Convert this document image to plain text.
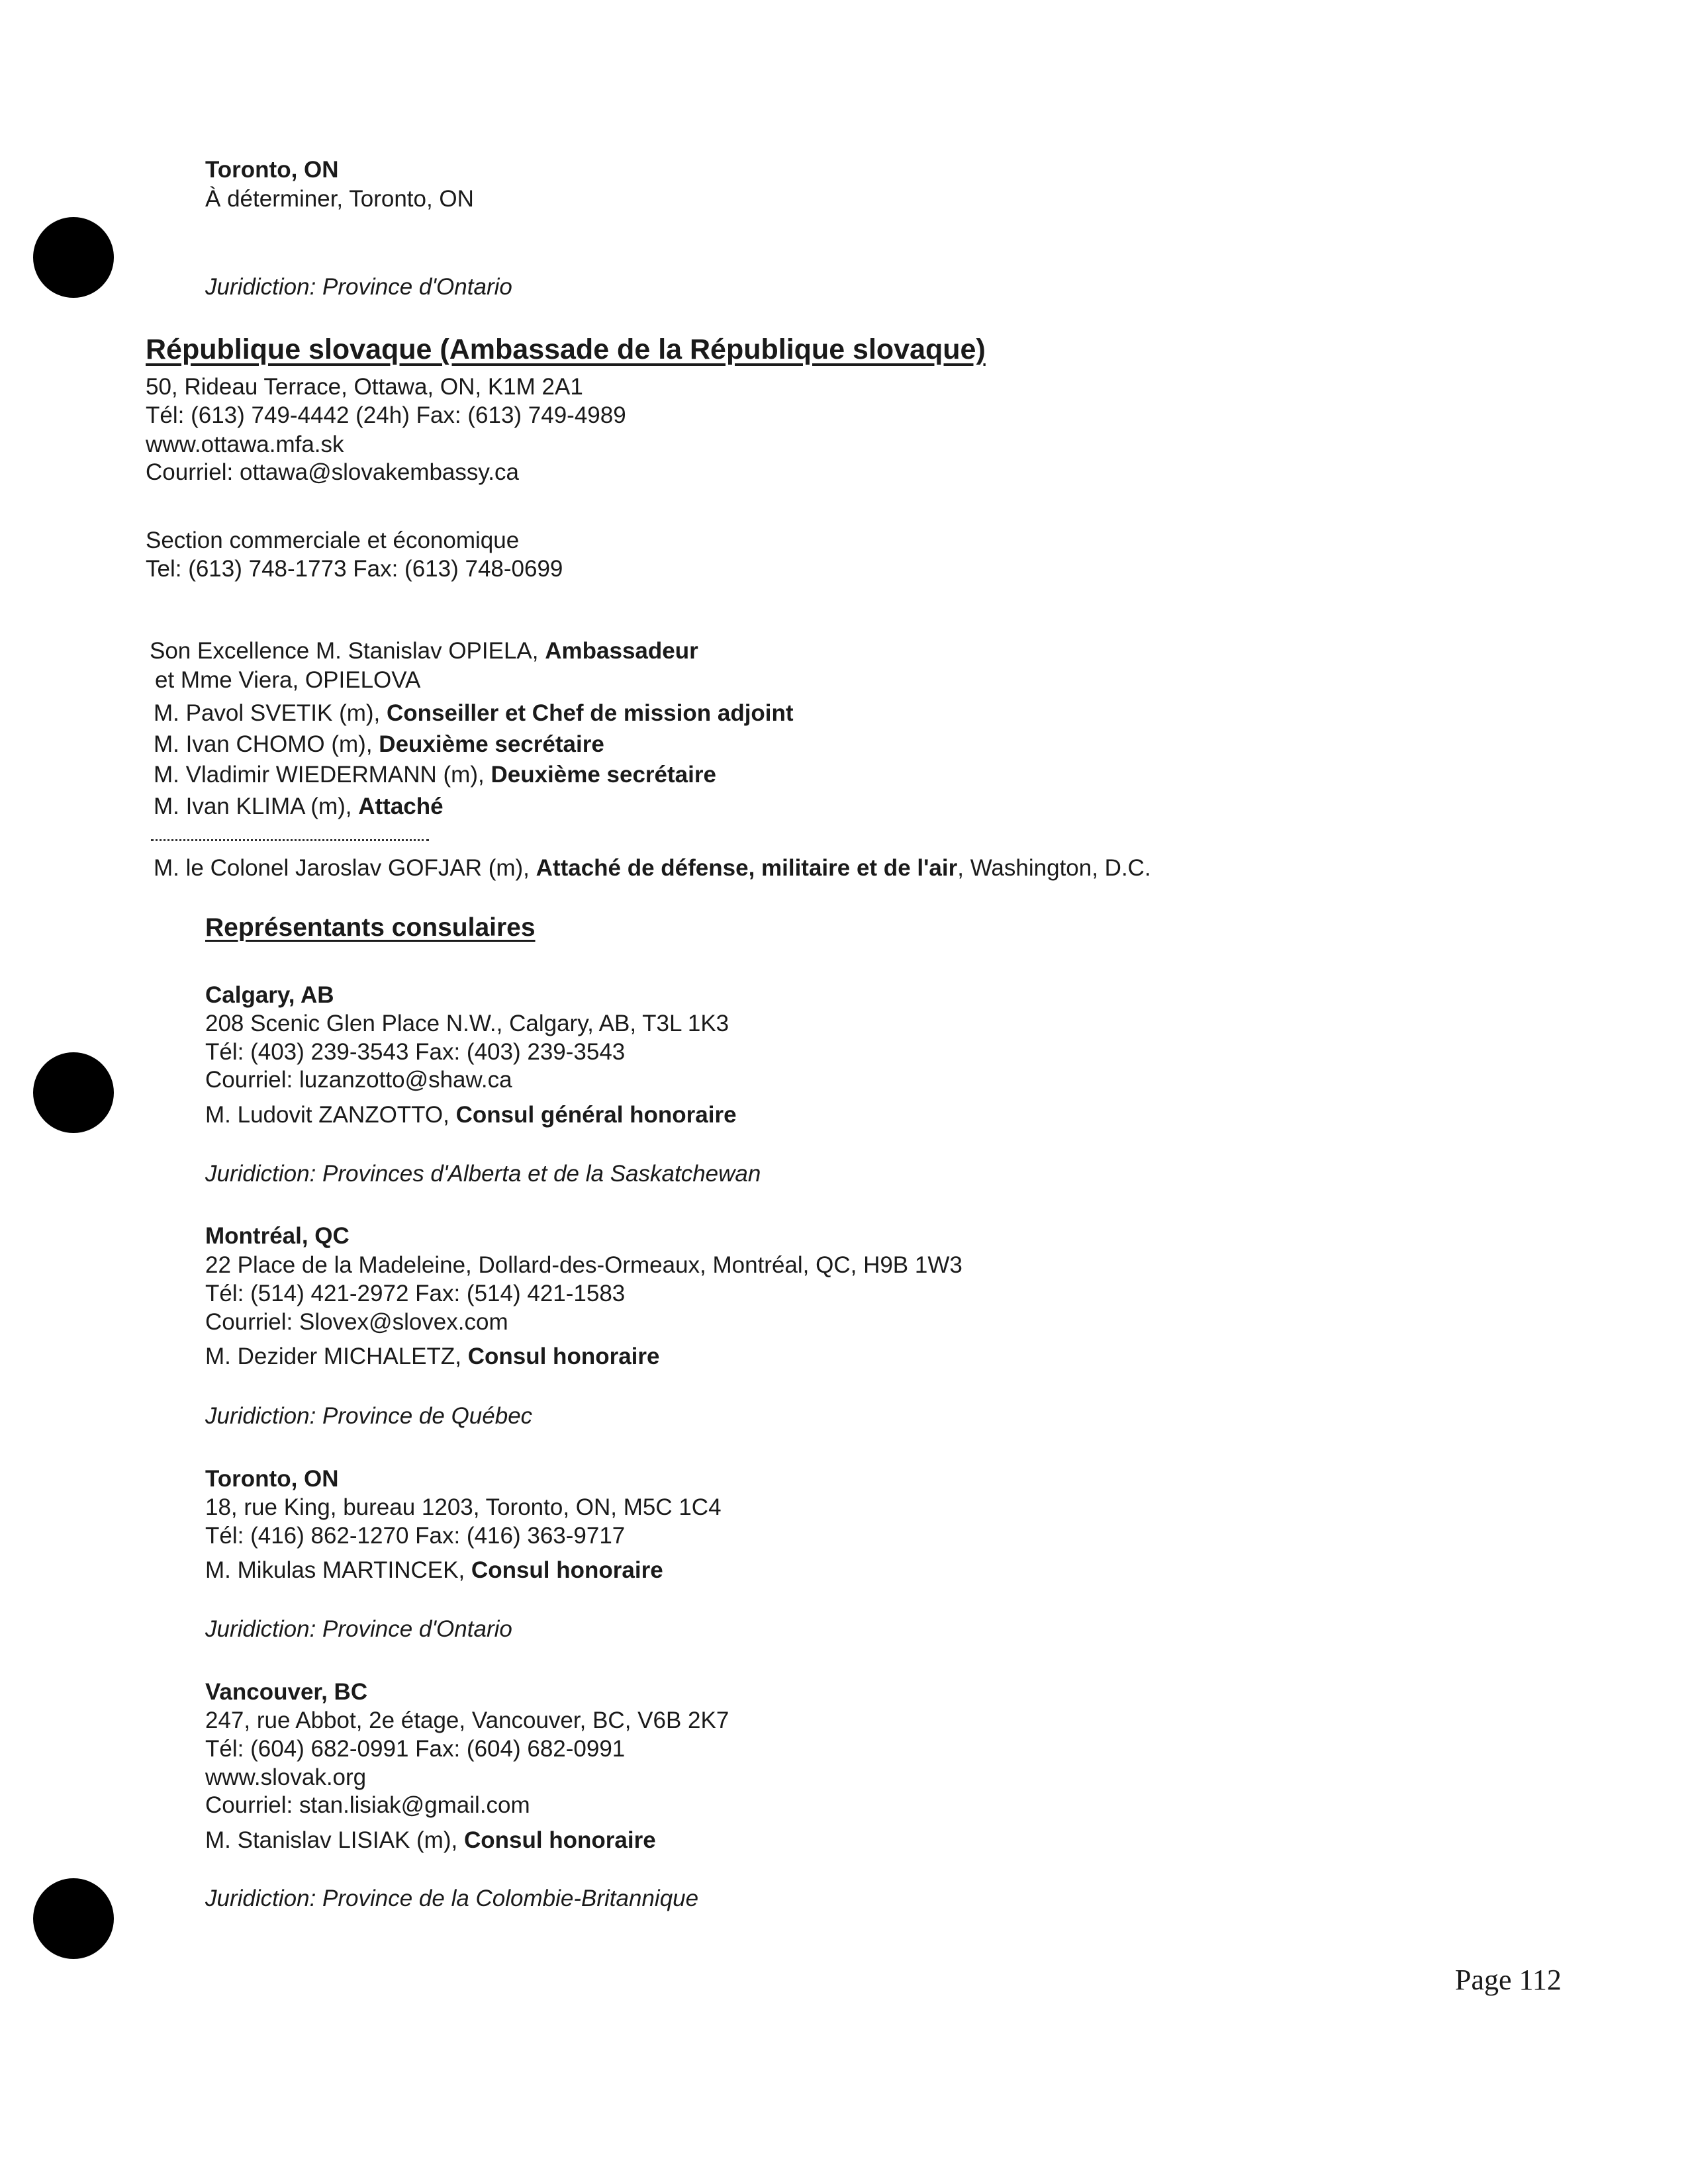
Toronto, ON
À déterminer, Toronto, ON
Juridiction: Province d'Ontario
République slovaque (Ambassade de la République slovaque)
50, Rideau Terrace, Ottawa, ON, K1M 2A1
Tél: (613) 749-4442 (24h) Fax: (613) 749-4989
www.ottawa.mfa.sk
Courriel: ottawa@slovakembassy.ca
Section commerciale et économique
Tel: (613) 748-1773 Fax: (613) 748-0699
Son Excellence M. Stanislav OPIELA, Ambassadeur
et Mme Viera, OPIELOVA
M. Pavol SVETIK (m), Conseiller et Chef de mission adjoint
M. Ivan CHOMO (m), Deuxième secrétaire
M. Vladimir WIEDERMANN (m), Deuxième secrétaire
M. Ivan KLIMA (m), Attaché
M. le Colonel Jaroslav GOFJAR (m), Attaché de défense, militaire et de l'air, Washington, D.C.
Représentants consulaires
Calgary, AB
208 Scenic Glen Place N.W., Calgary, AB, T3L 1K3
Tél: (403) 239-3543 Fax: (403) 239-3543
Courriel: luzanzotto@shaw.ca
M. Ludovit ZANZOTTO, Consul général honoraire
Juridiction: Provinces d'Alberta et de la Saskatchewan
Montréal, QC
22 Place de la Madeleine, Dollard-des-Ormeaux, Montréal, QC, H9B 1W3
Tél: (514) 421-2972 Fax: (514) 421-1583
Courriel: Slovex@slovex.com
M. Dezider MICHALETZ, Consul honoraire
Juridiction: Province de Québec
Toronto, ON
18, rue King, bureau 1203, Toronto, ON, M5C 1C4
Tél: (416) 862-1270 Fax: (416) 363-9717
M. Mikulas MARTINCEK, Consul honoraire
Juridiction: Province d'Ontario
Vancouver, BC
247, rue Abbot, 2e étage, Vancouver, BC, V6B 2K7
Tél: (604) 682-0991 Fax: (604) 682-0991
www.slovak.org
Courriel: stan.lisiak@gmail.com
M. Stanislav LISIAK (m), Consul honoraire
Juridiction: Province de la Colombie-Britannique
Page 112
